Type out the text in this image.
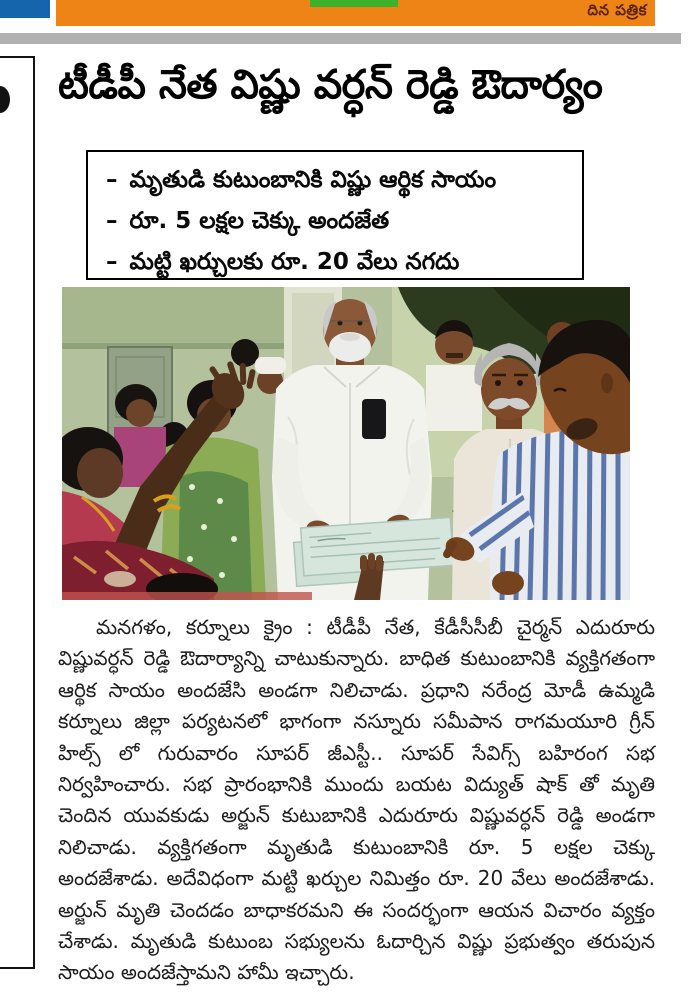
దిన పత్రిక
టీడీపీ నేత విష్ణు వర్ధన్ రెడ్డి ఔదార్యం
– మృతుడి కుటుంబానికి విష్ణు ఆర్థిక సాయం
– రూ. 5 లక్షల చెక్కు అందజేత
– మట్టి ఖర్చులకు రూ. 20 వేలు నగదు
మనగళం, కర్నూలు క్రైం : టీడీపీ నేత, కేడీసీసీబీ చైర్మన్ ఎదురూరు విష్ణువర్ధన్ రెడ్డి ఔదార్యాన్ని చాటుకున్నారు. బాధిత కుటుంబానికి వ్యక్తిగతంగా ఆర్థిక సాయం అందజేసి అండగా నిలిచాడు. ప్రధాని నరేంద్ర మోడీ ఉమ్మడి కర్నూలు జిల్లా పర్యటనలో భాగంగా నస్నూరు సమీపాన రాగమయూరి గ్రీన్ హిల్స్ లో గురువారం సూపర్ జీఎస్టీ.. సూపర్ సేవిగ్స్ బహిరంగ సభ నిర్వహించారు. సభ ప్రారంభానికి ముందు బయట విద్యుత్ షాక్ తో మృతి చెందిన యువకుడు అర్జున్ కుటుబానికి ఎదురూరు విష్ణువర్ధన్ రెడ్డి అండగా నిలిచాడు. వ్యక్తిగతంగా మృతుడి కుటుంబానికి రూ. 5 లక్షల చెక్కు అందజేశాడు. అదేవిధంగా మట్టి ఖర్చుల నిమిత్తం రూ. 20 వేలు అందజేశాడు. అర్జున్ మృతి చెందడం బాధాకరమని ఈ సందర్భంగా ఆయన విచారం వ్యక్తం చేశాడు. మృతుడి కుటుంబ సభ్యులను ఓదార్చిన విష్ణు ప్రభుత్వం తరుపున సాయం అందజేస్తామని హామీ ఇచ్చారు.
